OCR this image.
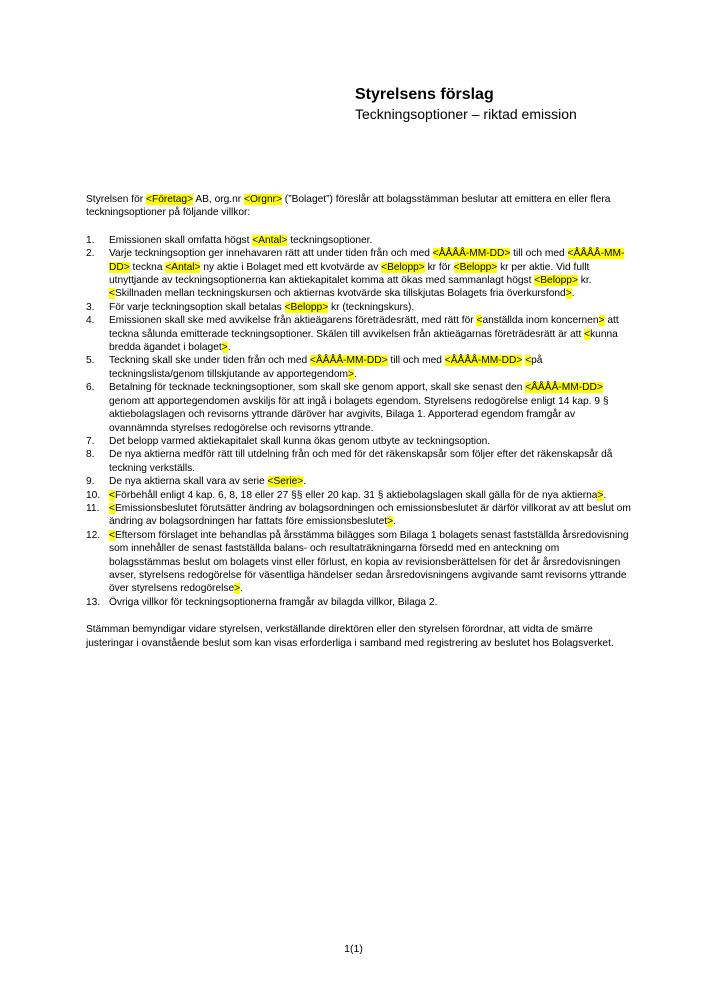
Styrelsens förslag

Teckningsoptioner – riktad emission

Styrelsen för <Företag> AB, org.nr <Orgnr> (”Bolaget”) föreslår att bolagsstämman beslutar att emittera en eller flera teckningsoptioner på följande villkor:

1.	Emissionen skall omfatta högst <Antal> teckningsoptioner.
2.	Varje teckningsoption ger innehavaren rätt att under tiden från och med <ÅÅÅÅ-MM-DD> till och med <ÅÅÅÅ-MM-DD> teckna <Antal> ny aktie i Bolaget med ett kvotvärde av <Belopp> kr för <Belopp> kr per aktie. Vid fullt utnyttjande av teckningsoptionerna kan aktiekapitalet komma att ökas med sammanlagt högst <Belopp> kr. <Skillnaden mellan teckningskursen och aktiernas kvotvärde ska tillskjutas Bolagets fria överkursfond>.
3.	För varje teckningsoption skall betalas <Belopp> kr (teckningskurs).
4.	Emissionen skall ske med avvikelse från aktieägarens företrädesrätt, med rätt för <anställda inom koncernen> att teckna sålunda emitterade teckningsoptioner. Skälen till avvikelsen från aktieägarnas företrädesrätt är att <kunna bredda ägandet i bolaget>.
5.	Teckning skall ske under tiden från och med <ÅÅÅÅ-MM-DD> till och med <ÅÅÅÅ-MM-DD> <på teckningslista/genom tillskjutande av apportegendom>.
6.	Betalning för tecknade teckningsoptioner, som skall ske genom apport, skall ske senast den <ÅÅÅÅ-MM-DD> genom att apportegendomen avskiljs för att ingå i bolagets egendom. Styrelsens redogörelse enligt 14 kap. 9 § aktiebolagslagen och revisorns yttrande däröver har avgivits, Bilaga 1. Apporterad egendom framgår av ovannämnda styrelses redogörelse och revisorns yttrande.
7.	Det belopp varmed aktiekapitalet skall kunna ökas genom utbyte av teckningsoption.
8.	De nya aktierna medför rätt till utdelning från och med för det räkenskapsår som följer efter det räkenskapsår då teckning verkställs.
9.	De nya aktierna skall vara av serie <Serie>.
10. <Förbehåll enligt 4 kap. 6, 8, 18 eller 27 §§ eller 20 kap. 31 § aktiebolagslagen skall gälla för de nya aktierna>.
11. <Emissionsbeslutet förutsätter ändring av bolagsordningen och emissionsbeslutet är därför villkorat av att beslut om ändring av bolagsordningen har fattats före emissionsbeslutet>.
12. <Eftersom förslaget inte behandlas på årsstämma bilägges som Bilaga 1 bolagets senast fastställda årsredovisning som innehåller de senast fastställda balans- och resultaträkningarna försedd med en anteckning om bolagsstämmas beslut om bolagets vinst eller förlust, en kopia av revisionsberättelsen för det år årsredovisningen avser, styrelsens redogörelse för väsentliga händelser sedan årsredovisningens avgivande samt revisorns yttrande över styrelsens redogörelse>.
13. Övriga villkor för teckningsoptionerna framgår av bilagda villkor, Bilaga 2.

Stämman bemyndigar vidare styrelsen, verkställande direktören eller den styrelsen förordnar, att vidta de smärre justeringar i ovanstående beslut som kan visas erforderliga i samband med registrering av beslutet hos Bolagsverket.

1(1)
